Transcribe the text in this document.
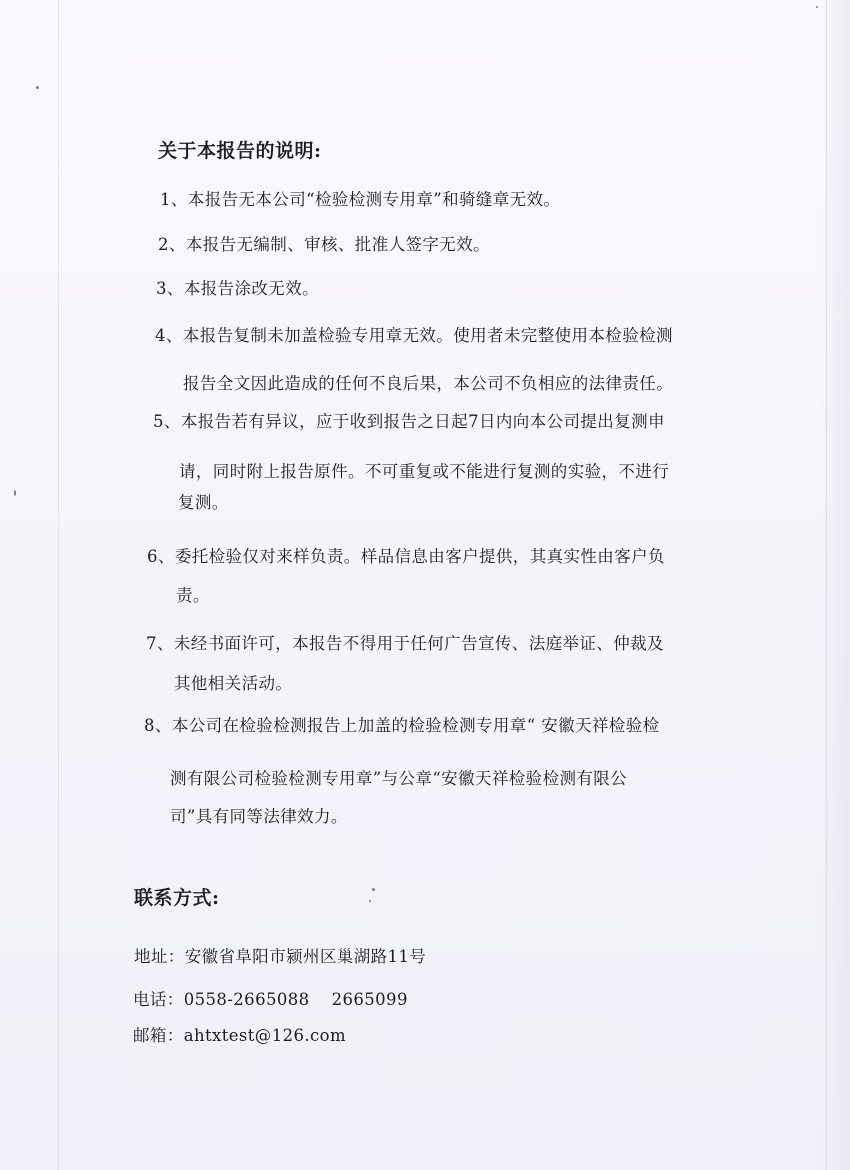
关于本报告的说明:
1、本报告无本公司“检验检测专用章”和骑缝章无效。
2、本报告无编制、审核、批准人签字无效。
3、本报告涂改无效。
4、本报告复制未加盖检验专用章无效。使用者未完整使用本检验检测
报告全文因此造成的任何不良后果，本公司不负相应的法律责任。
5、本报告若有异议，应于收到报告之日起7日内向本公司提出复测申
请，同时附上报告原件。不可重复或不能进行复测的实验，不进行
复测。
6、委托检验仅对来样负责。样品信息由客户提供，其真实性由客户负
责。
7、未经书面许可，本报告不得用于任何广告宣传、法庭举证、仲裁及
其他相关活动。
8、本公司在检验检测报告上加盖的检验检测专用章“ 安徽天祥检验检
测有限公司检验检测专用章”与公章“安徽天祥检验检测有限公
司”具有同等法律效力。
联系方式:
地址：安徽省阜阳市颍州区巢湖路11号
电话：0558-2665088 2665099
邮箱：ahtxtest@126.com
